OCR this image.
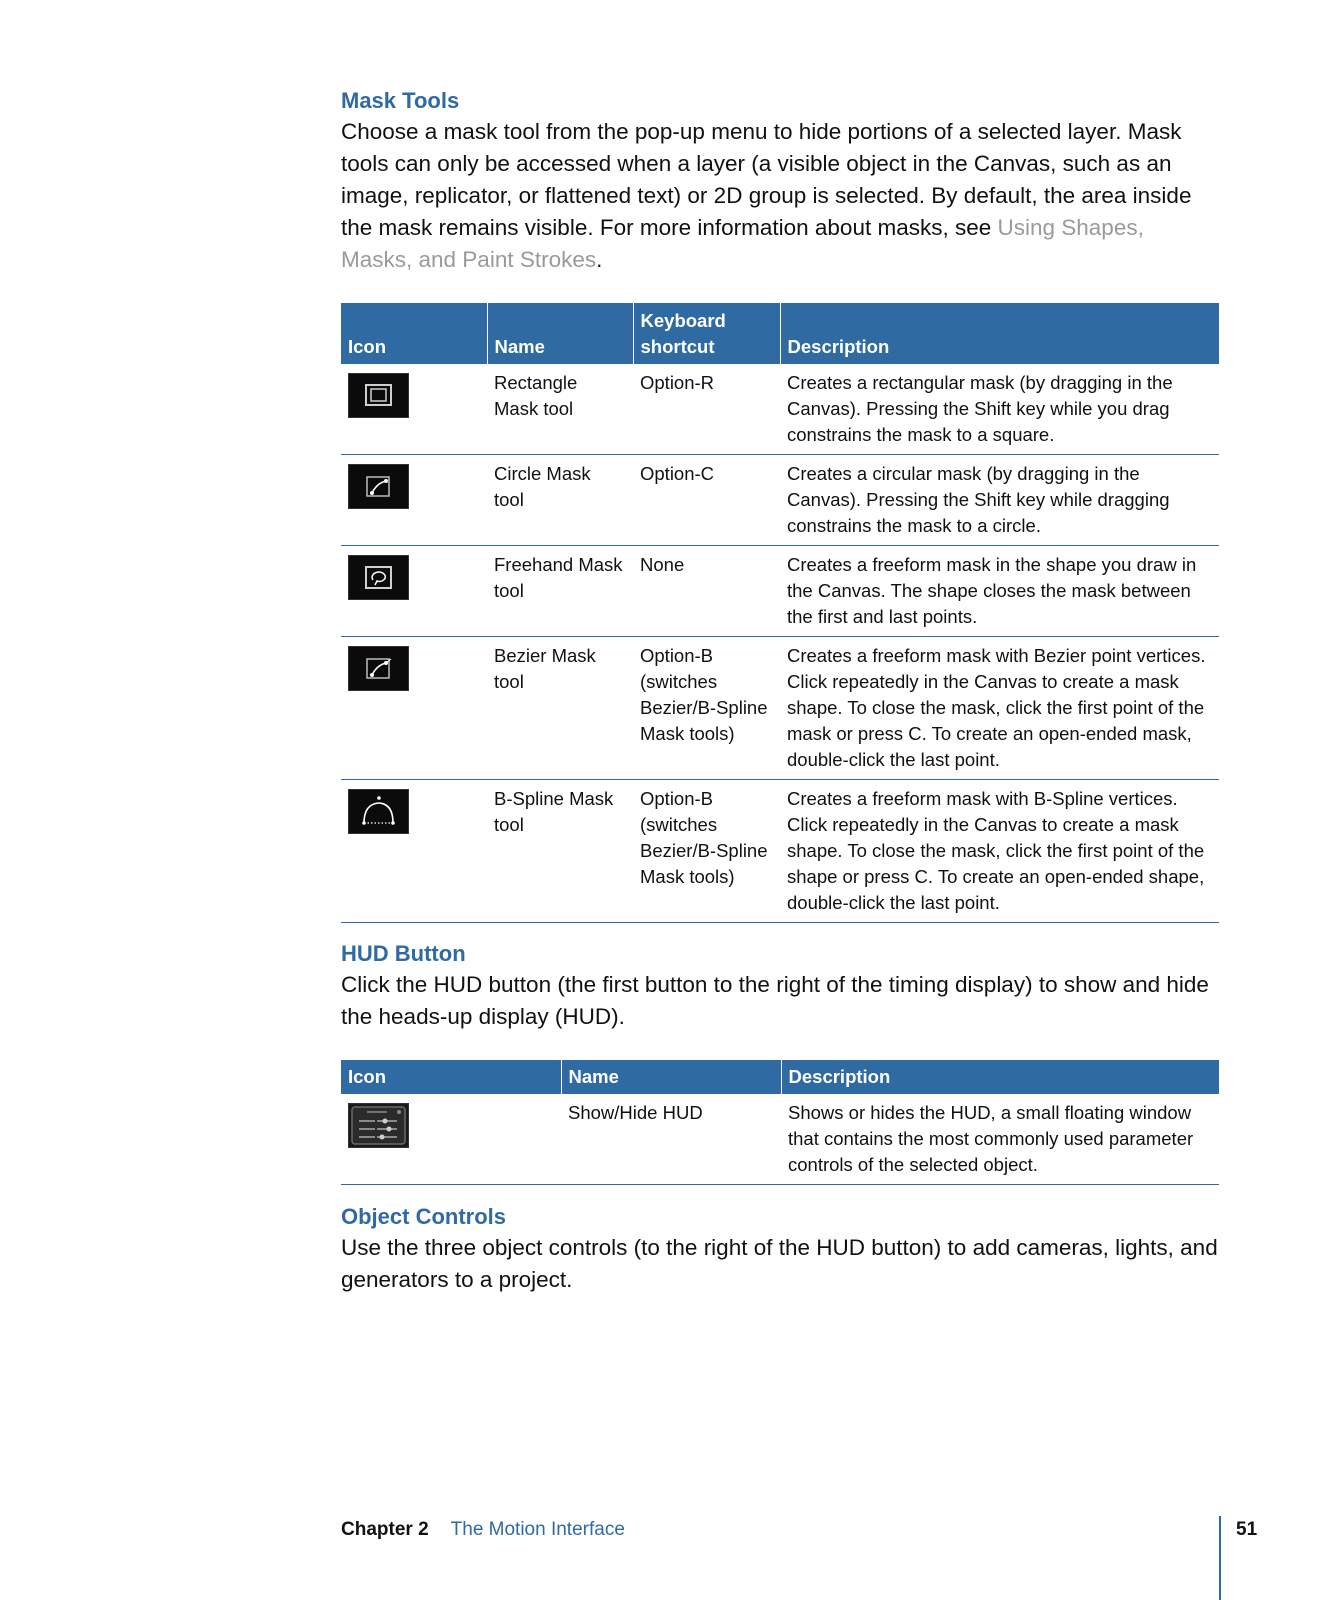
Mask Tools

Choose a mask tool from the pop-up menu to hide portions of a selected layer. Mask tools can only be accessed when a layer (a visible object in the Canvas, such as an image, replicator, or flattened text) or 2D group is selected. By default, the area inside the mask remains visible. For more information about masks, see Using Shapes, Masks, and Paint Strokes.

Icon	Name	Keyboard shortcut	Description

	Rectangle Mask tool	Option-R	Creates a rectangular mask (by dragging in the Canvas). Pressing the Shift key while you drag constrains the mask to a square.

	Circle Mask tool	Option-C	Creates a circular mask (by dragging in the Canvas). Pressing the Shift key while dragging constrains the mask to a circle.

	Freehand Mask tool	None	Creates a freeform mask in the shape you draw in the Canvas. The shape closes the mask between the first and last points.

	Bezier Mask tool	Option-B (switches Bezier/B-Spline Mask tools)	Creates a freeform mask with Bezier point vertices. Click repeatedly in the Canvas to create a mask shape. To close the mask, click the first point of the mask or press C. To create an open-ended mask, double-click the last point.

	B-Spline Mask tool	Option-B (switches Bezier/B-Spline Mask tools)	Creates a freeform mask with B-Spline vertices. Click repeatedly in the Canvas to create a mask shape. To close the mask, click the first point of the shape or press C. To create an open-ended shape, double-click the last point.
HUD Button

Click the HUD button (the first button to the right of the timing display) to show and hide the heads-up display (HUD).

Icon	Name	Description

	Show/Hide HUD	Shows or hides the HUD, a small floating window that contains the most commonly used parameter controls of the selected object.
Object Controls

Use the three object controls (to the right of the HUD button) to add cameras, lights, and generators to a project.

Chapter 2 The Motion Interface	51
